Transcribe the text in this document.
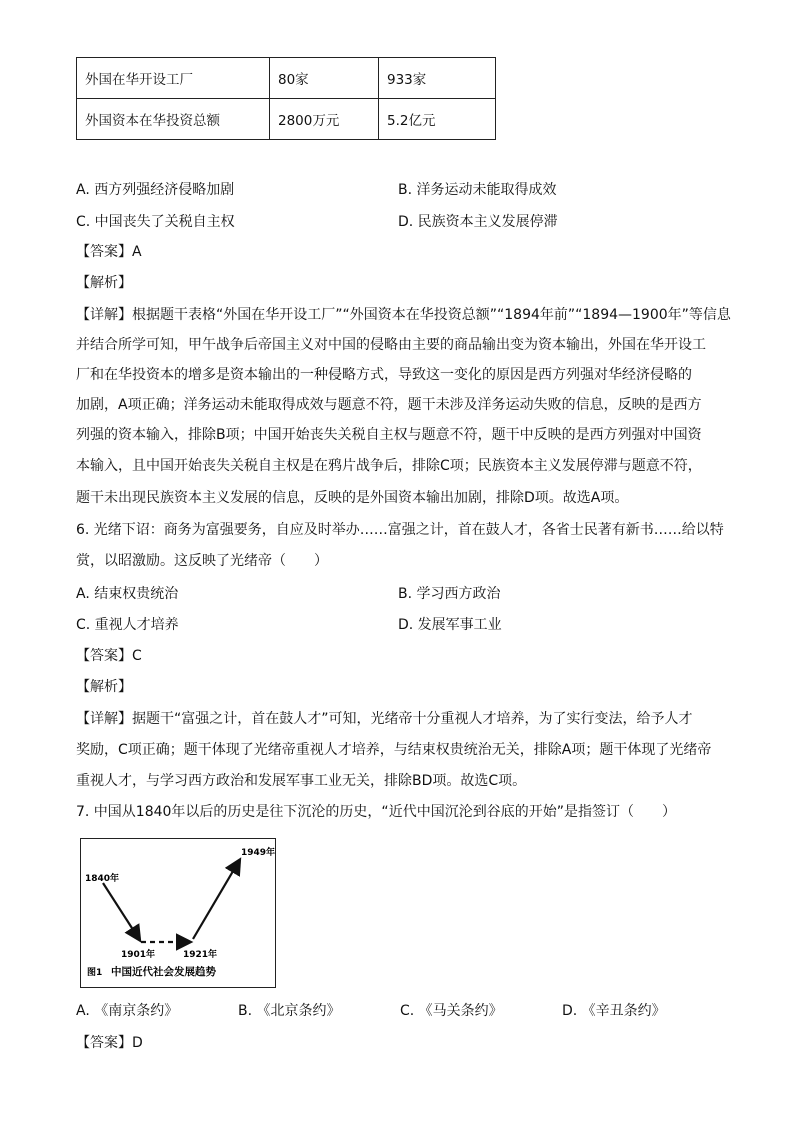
外国在华开设工厂	80家	933家
外国资本在华投资总额	2800万元	5.2亿元
A. 西方列强经济侵略加剧	B. 洋务运动未能取得成效
C. 中国丧失了关税自主权	D. 民族资本主义发展停滞
【答案】A
【解析】
【详解】根据题干表格“外国在华开设工厂”“外国资本在华投资总额”“1894年前”“1894—1900年”等信息
并结合所学可知，甲午战争后帝国主义对中国的侵略由主要的商品输出变为资本输出，外国在华开设工
厂和在华投资本的增多是资本输出的一种侵略方式，导致这一变化的原因是西方列强对华经济侵略的
加剧，A项正确；洋务运动未能取得成效与题意不符，题干未涉及洋务运动失败的信息，反映的是西方
列强的资本输入，排除B项；中国开始丧失关税自主权与题意不符，题干中反映的是西方列强对中国资
本输入，且中国开始丧失关税自主权是在鸦片战争后，排除C项；民族资本主义发展停滞与题意不符，
题干未出现民族资本主义发展的信息，反映的是外国资本输出加剧，排除D项。故选A项。
6. 光绪下诏：商务为富强要务，自应及时举办……富强之计，首在鼓人才，各省士民著有新书……给以特
赏，以昭激励。这反映了光绪帝（　　）
A. 结束权贵统治	B. 学习西方政治
C. 重视人才培养	D. 发展军事工业
【答案】C
【解析】
【详解】据题干“富强之计，首在鼓人才”可知，光绪帝十分重视人才培养，为了实行变法，给予人才
奖励，C项正确；题干体现了光绪帝重视人才培养，与结束权贵统治无关，排除A项；题干体现了光绪帝
重视人才，与学习西方政治和发展军事工业无关，排除BD项。故选C项。
7. 中国从1840年以后的历史是往下沉沦的历史，“近代中国沉沦到谷底的开始”是指签订（　　）
1840年
1901年	1921年
1949年
图1 中国近代社会发展趋势
A. 《南京条约》	B. 《北京条约》	C. 《马关条约》	D. 《辛丑条约》
【答案】D
